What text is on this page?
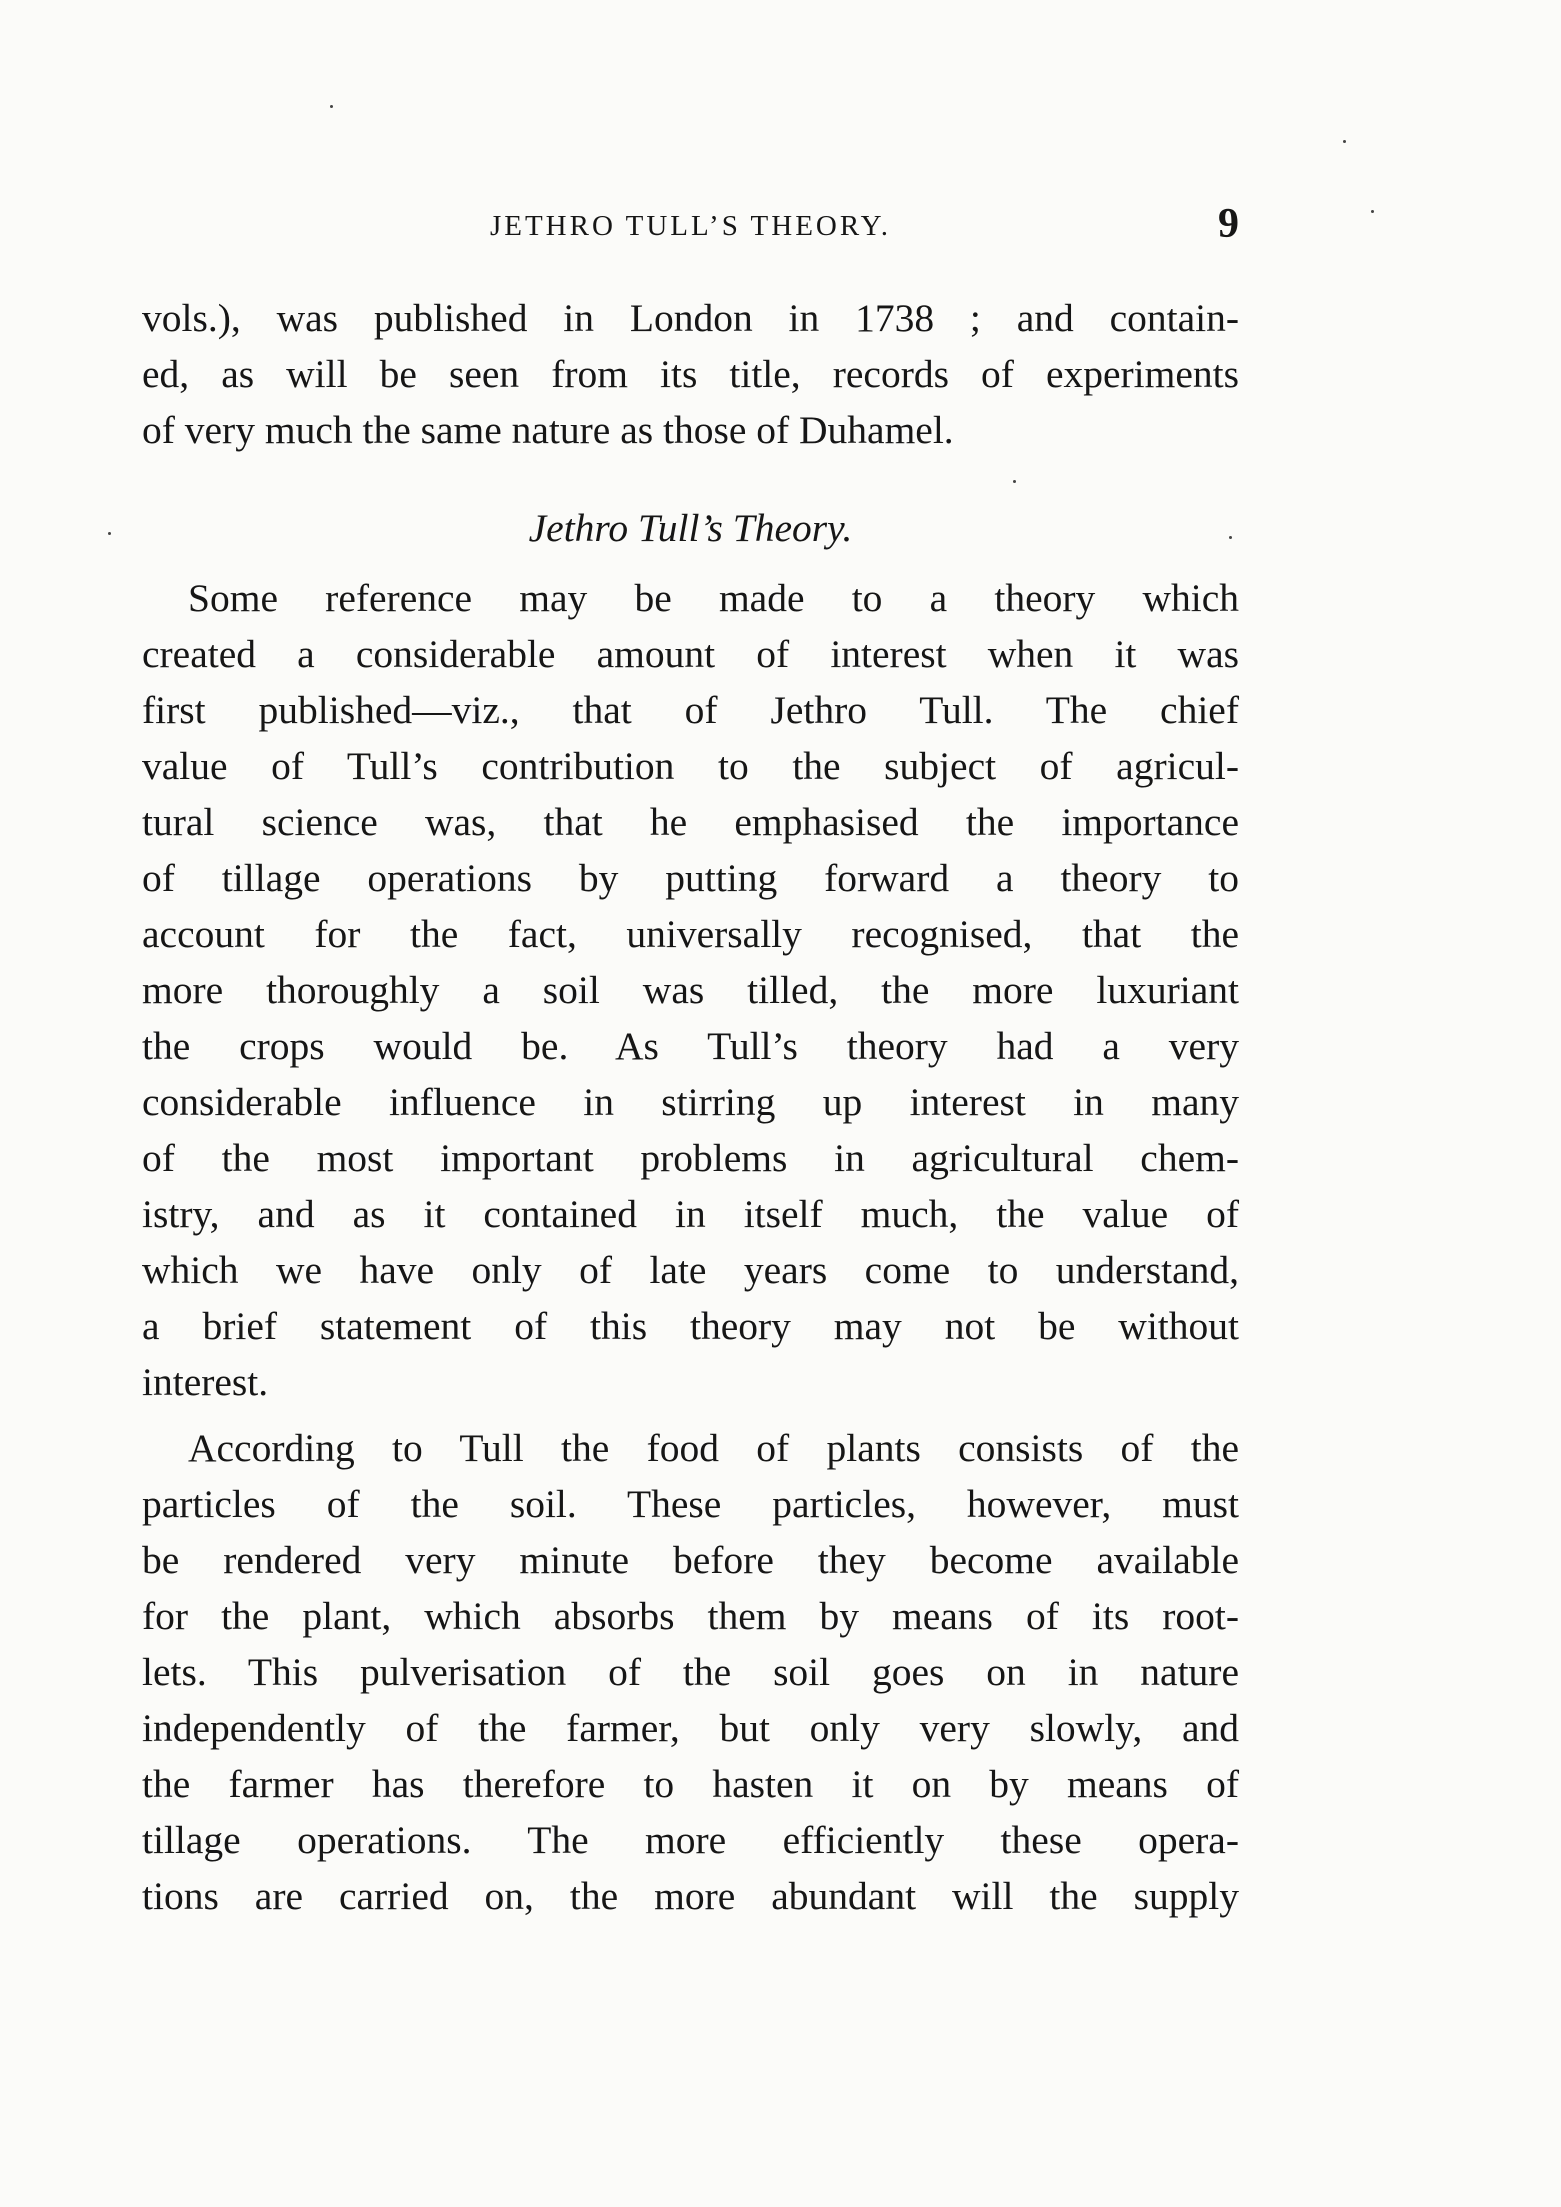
JETHRO TULL’S THEORY.	9
vols.), was published in London in 1738 ; and contain-
ed, as will be seen from its title, records of experiments
of very much the same nature as those of Duhamel.
Jethro Tull’s Theory.
Some reference may be made to a theory which
created a considerable amount of interest when it was
first published—viz., that of Jethro Tull. The chief
value of Tull’s contribution to the subject of agricul-
tural science was, that he emphasised the importance
of tillage operations by putting forward a theory to
account for the fact, universally recognised, that the
more thoroughly a soil was tilled, the more luxuriant
the crops would be. As Tull’s theory had a very
considerable influence in stirring up interest in many
of the most important problems in agricultural chem-
istry, and as it contained in itself much, the value of
which we have only of late years come to understand,
a brief statement of this theory may not be without
interest.
According to Tull the food of plants consists of the
particles of the soil. These particles, however, must
be rendered very minute before they become available
for the plant, which absorbs them by means of its root-
lets. This pulverisation of the soil goes on in nature
independently of the farmer, but only very slowly, and
the farmer has therefore to hasten it on by means of
tillage operations. The more efficiently these opera-
tions are carried on, the more abundant will the supply
